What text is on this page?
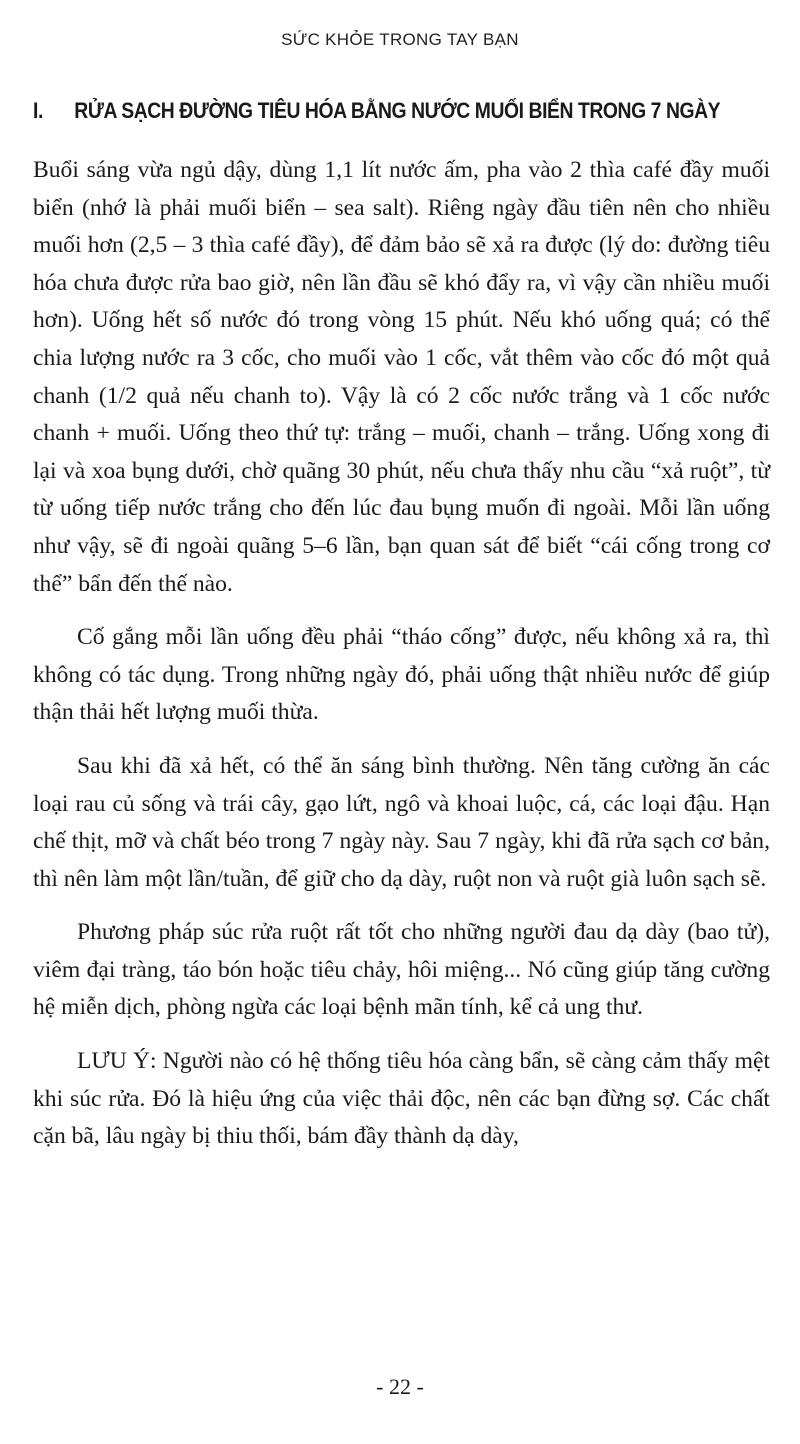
SỨC KHỎE TRONG TAY BẠN
I. RỬA SẠCH ĐƯỜNG TIÊU HÓA BẰNG NƯỚC MUỐI BIỂN TRONG 7 NGÀY

Buổi sáng vừa ngủ dậy, dùng 1,1 lít nước ấm, pha vào 2 thìa café đầy muối biển (nhớ là phải muối biển – sea salt). Riêng ngày đầu tiên nên cho nhiều muối hơn (2,5 – 3 thìa café đầy), để đảm bảo sẽ xả ra được (lý do: đường tiêu hóa chưa được rửa bao giờ, nên lần đầu sẽ khó đẩy ra, vì vậy cần nhiều muối hơn). Uống hết số nước đó trong vòng 15 phút. Nếu khó uống quá; có thể chia lượng nước ra 3 cốc, cho muối vào 1 cốc, vắt thêm vào cốc đó một quả chanh (1/2 quả nếu chanh to). Vậy là có 2 cốc nước trắng và 1 cốc nước chanh + muối. Uống theo thứ tự: trắng – muối, chanh – trắng. Uống xong đi lại và xoa bụng dưới, chờ quãng 30 phút, nếu chưa thấy nhu cầu “xả ruột”, từ từ uống tiếp nước trắng cho đến lúc đau bụng muốn đi ngoài. Mỗi lần uống như vậy, sẽ đi ngoài quãng 5–6 lần, bạn quan sát để biết “cái cống trong cơ thể” bẩn đến thế nào.

Cố gắng mỗi lần uống đều phải “tháo cống” được, nếu không xả ra, thì không có tác dụng. Trong những ngày đó, phải uống thật nhiều nước để giúp thận thải hết lượng muối thừa.

Sau khi đã xả hết, có thể ăn sáng bình thường. Nên tăng cường ăn các loại rau củ sống và trái cây, gạo lứt, ngô và khoai luộc, cá, các loại đậu. Hạn chế thịt, mỡ và chất béo trong 7 ngày này. Sau 7 ngày, khi đã rửa sạch cơ bản, thì nên làm một lần/tuần, để giữ cho dạ dày, ruột non và ruột già luôn sạch sẽ.

Phương pháp súc rửa ruột rất tốt cho những người đau dạ dày (bao tử), viêm đại tràng, táo bón hoặc tiêu chảy, hôi miệng... Nó cũng giúp tăng cường hệ miễn dịch, phòng ngừa các loại bệnh mãn tính, kể cả ung thư.

LƯU Ý: Người nào có hệ thống tiêu hóa càng bẩn, sẽ càng cảm thấy mệt khi súc rửa. Đó là hiệu ứng của việc thải độc, nên các bạn đừng sợ. Các chất cặn bã, lâu ngày bị thiu thối, bám đầy thành dạ dày,

- 22 -
